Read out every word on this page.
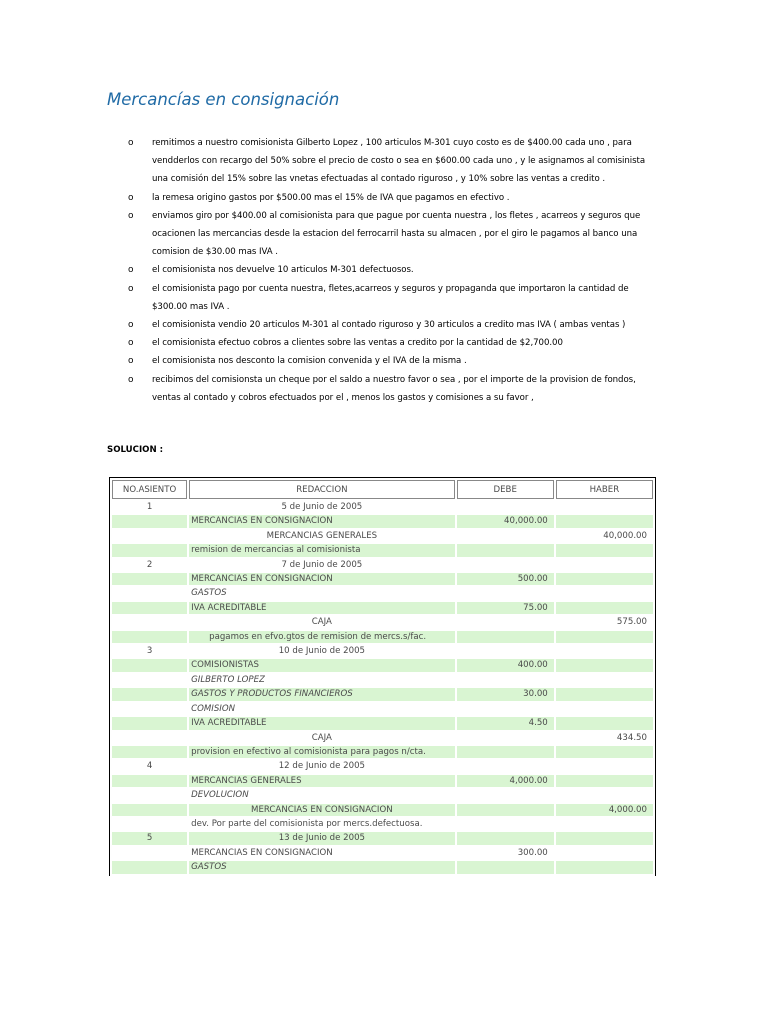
Mercancías en consignación
o remitimos a nuestro comisionista Gilberto Lopez , 100 articulos M-301 cuyo costo es de $400.00 cada uno , para vendderlos con recargo del 50% sobre el precio de costo o sea en $600.00 cada uno , y le asignamos al comisinista una comisión del 15% sobre las vnetas efectuadas al contado riguroso , y 10% sobre las ventas a credito .
o la remesa origino gastos por $500.00 mas el 15% de IVA que pagamos en efectivo .
o enviamos giro por $400.00 al comisionista para que pague por cuenta nuestra , los fletes , acarreos y seguros que ocacionen las mercancias desde la estacion del ferrocarril hasta su almacen , por el giro le pagamos al banco una comision de $30.00 mas IVA .
o el comisionista nos devuelve 10 articulos M-301 defectuosos.
o el comisionista pago por cuenta nuestra, fletes,acarreos y seguros y propaganda que importaron la cantidad de $300.00 mas IVA .
o el comisionista vendio 20 articulos M-301 al contado riguroso y 30 articulos a credito mas IVA ( ambas ventas )
o el comisionista efectuo cobros a clientes sobre las ventas a credito por la cantidad de $2,700.00
o el comisionista nos desconto la comision convenida y el IVA de la misma .
o recibimos del comisionsta un cheque por el saldo a nuestro favor o sea , por el importe de la provision de fondos, ventas al contado y cobros efectuados por el , menos los gastos y comisiones a su favor ,

SOLUCION :

NO.ASIENTO	REDACCION	DEBE	HABER
1	5 de Junio de 2005		
	MERCANCIAS EN CONSIGNACION	40,000.00	
	MERCANCIAS GENERALES		40,000.00
	remision de mercancias al comisionista		
2	7 de Junio de 2005		
	MERCANCIAS EN CONSIGNACION	500.00	
	GASTOS		
	IVA ACREDITABLE	75.00	
	CAJA		575.00
	pagamos en efvo.gtos de remision de mercs.s/fac.		
3	10 de Junio de 2005		
	COMISIONISTAS	400.00	
	GILBERTO LOPEZ		
	GASTOS Y PRODUCTOS FINANCIEROS	30.00	
	COMISION		
	IVA ACREDITABLE	4.50	
	CAJA		434.50
	provision en efectivo al comisionista para pagos n/cta.		
4	12 de Junio de 2005		
	MERCANCIAS GENERALES	4,000.00	
	DEVOLUCION		
	MERCANCIAS EN CONSIGNACION		4,000.00
	dev. Por parte del comisionista por mercs.defectuosa.		
5	13 de Junio de 2005		
	MERCANCIAS EN CONSIGNACION	300.00	
	GASTOS		
